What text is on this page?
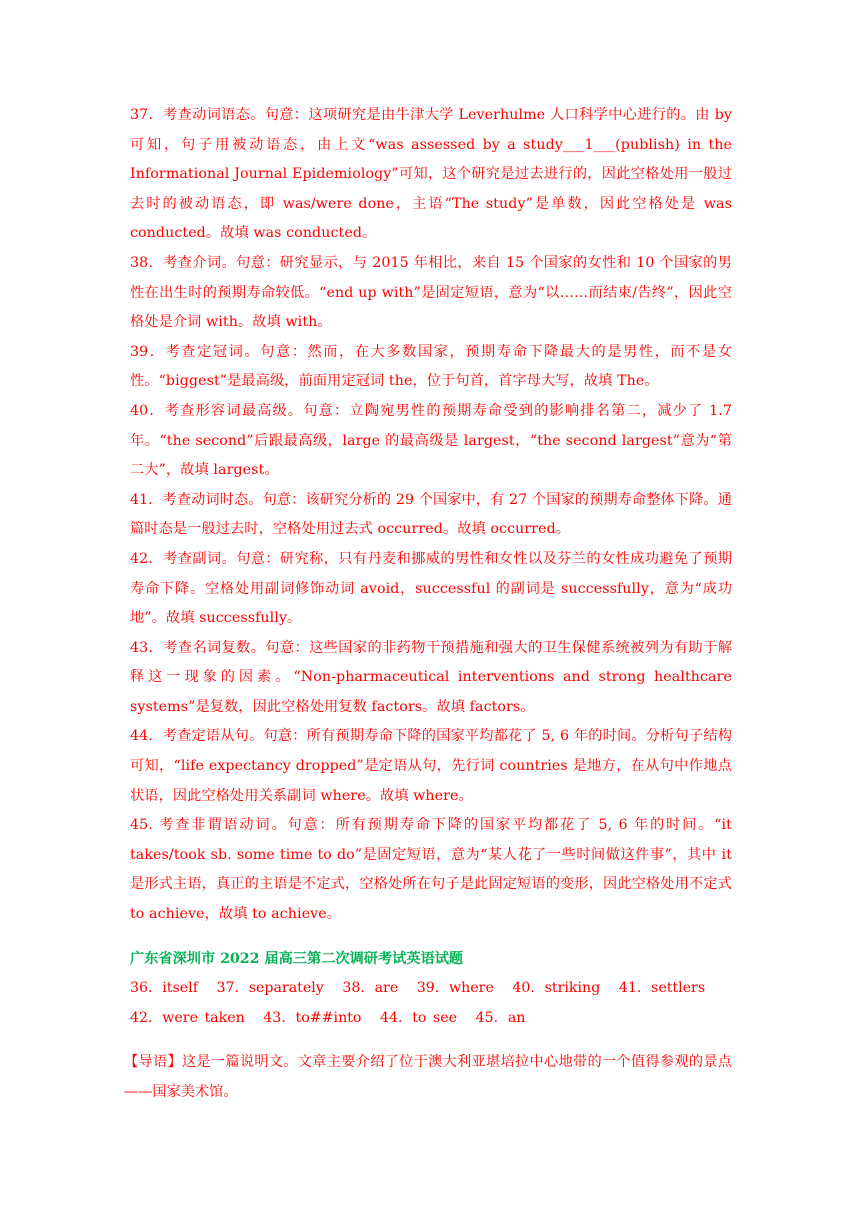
37．考查动词语态。句意：这项研究是由牛津大学 Leverhulme 人口科学中心进行的。由 by 可知，句子用被动语态，由上文“was assessed by a study___1___(publish) in the Informational Journal Epidemiology”可知，这个研究是过去进行的，因此空格处用一般过去时的被动语态，即 was/were done，主语“The study”是单数，因此空格处是 was conducted。故填 was conducted。

38．考查介词。句意：研究显示，与 2015 年相比，来自 15 个国家的女性和 10 个国家的男性在出生时的预期寿命较低。“end up with”是固定短语，意为“以……而结束/告终”，因此空格处是介词 with。故填 with。

39．考查定冠词。句意：然而，在大多数国家，预期寿命下降最大的是男性，而不是女性。“biggest”是最高级，前面用定冠词 the，位于句首，首字母大写，故填 The。

40．考查形容词最高级。句意：立陶宛男性的预期寿命受到的影响排名第二，减少了 1.7 年。“the second”后跟最高级，large 的最高级是 largest，“the second largest”意为“第二大”，故填 largest。

41．考查动词时态。句意：该研究分析的 29 个国家中，有 27 个国家的预期寿命整体下降。通篇时态是一般过去时，空格处用过去式 occurred。故填 occurred。

42．考查副词。句意：研究称，只有丹麦和挪威的男性和女性以及芬兰的女性成功避免了预期寿命下降。空格处用副词修饰动词 avoid，successful 的副词是 successfully，意为“成功地”。故填 successfully。

43．考查名词复数。句意：这些国家的非药物干预措施和强大的卫生保健系统被列为有助于解释这一现象的因素。“Non-pharmaceutical interventions and strong healthcare systems”是复数，因此空格处用复数 factors。故填 factors。

44．考查定语从句。句意：所有预期寿命下降的国家平均都花了 5, 6 年的时间。分析句子结构可知，“life expectancy dropped”是定语从句，先行词 countries 是地方，在从句中作地点状语，因此空格处用关系副词 where。故填 where。

45. 考查非谓语动词。句意：所有预期寿命下降的国家平均都花了 5, 6 年的时间。“it takes/took sb. some time to do”是固定短语，意为“某人花了一些时间做这件事”，其中 it 是形式主语，真正的主语是不定式，空格处所在句子是此固定短语的变形，因此空格处用不定式 to achieve，故填 to achieve。

广东省深圳市 2022 届高三第二次调研考试英语试题

36．itself 37．separately 38．are 39．where 40．striking 41．settlers 42．were taken 43．to##into 44．to see 45．an

【导语】这是一篇说明文。文章主要介绍了位于澳大利亚堪培拉中心地带的一个值得参观的景点——国家美术馆。
